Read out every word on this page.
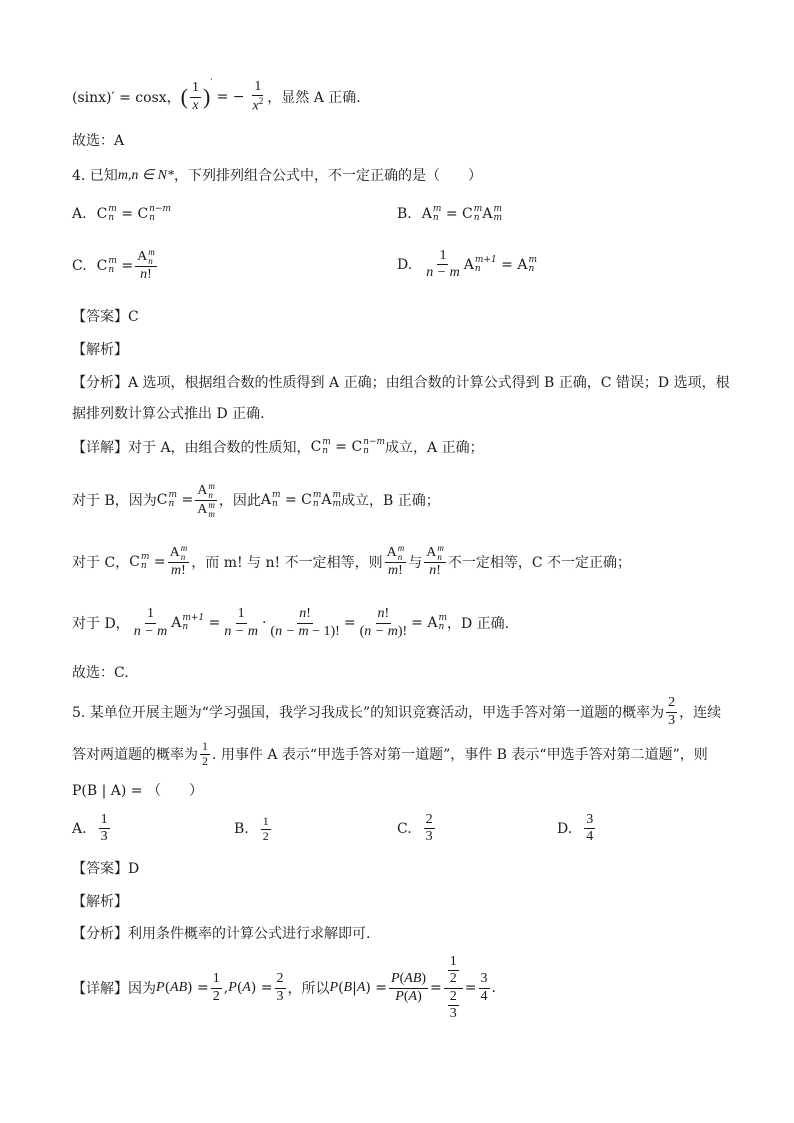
(sinx)′ = cosx， ( $\frac{1}{x}$ )
′
= − $\frac{1}{x^2}$ ，显然 A 正确.
故选：A
4. 已知 m,n ∈ N* ，下列排列组合公式中，不一定正确的是（　　）
A. C m
n = C n−m
n	B. A m
n = C m
n A m
m
C. C m
n = A m
n
n!	D. $\frac{1}{n - m}$ A m+1
n	= A m
n
【答案】C
【解析】
【分析】A 选项，根据组合数的性质得到 A 正确；由组合数的计算公式得到 B 正确，C 错误；D 选项，根
据排列数计算公式推出 D 正确.
【详解】对于 A，由组合数的性质知， C m
n = C n−m
n	成立，A 正确；
对于 B，因为 C m
n = A m
n
A m
m ，因此 A m
n = C m
n A m
m 成立，B 正确；
对于 C， C m
n = A m
n
m! ，而 m! 与 n! 不一定相等，则 A m
n
m! 与 A m
n
n! 不一定相等，C 不一定正确；
对于 D， $\frac{1}{n - m}$ A m+1
n	= $\frac{1}{n - m} \cdot \frac{n!}{(n - m - 1)!} = \frac{n!}{(n - m)!} = A$ m
n ，D 正确.
故选：C.
5. 某单位开展主题为“学习强国，我学习我成长”的知识竞赛活动，甲选手答对第一道题的概率为 $\frac{2}{3}$ ，连续
答对两道题的概率为 $\frac{1}{2}$ . 用事件 A 表示“甲选手答对第一道题”，事件 B 表示“甲选手答对第二道题”，则
P(B | A) = （　　）
A. $\frac{1}{3}$	B. $\frac{1}{2}$	C. $\frac{2}{3}$	D. $\frac{3}{4}$
【答案】D
【解析】
【分析】利用条件概率的计算公式进行求解即可.
【详解】因为 P ( AB ) = $\frac{1}{2}$ , P ( A ) = $\frac{2}{3}$ ，所以 P ( B | A ) = $\frac{P(AB)}{P(A)} = \frac{\frac{1}{2}}{\frac{2}{3}} = \frac{3}{4}$ .
